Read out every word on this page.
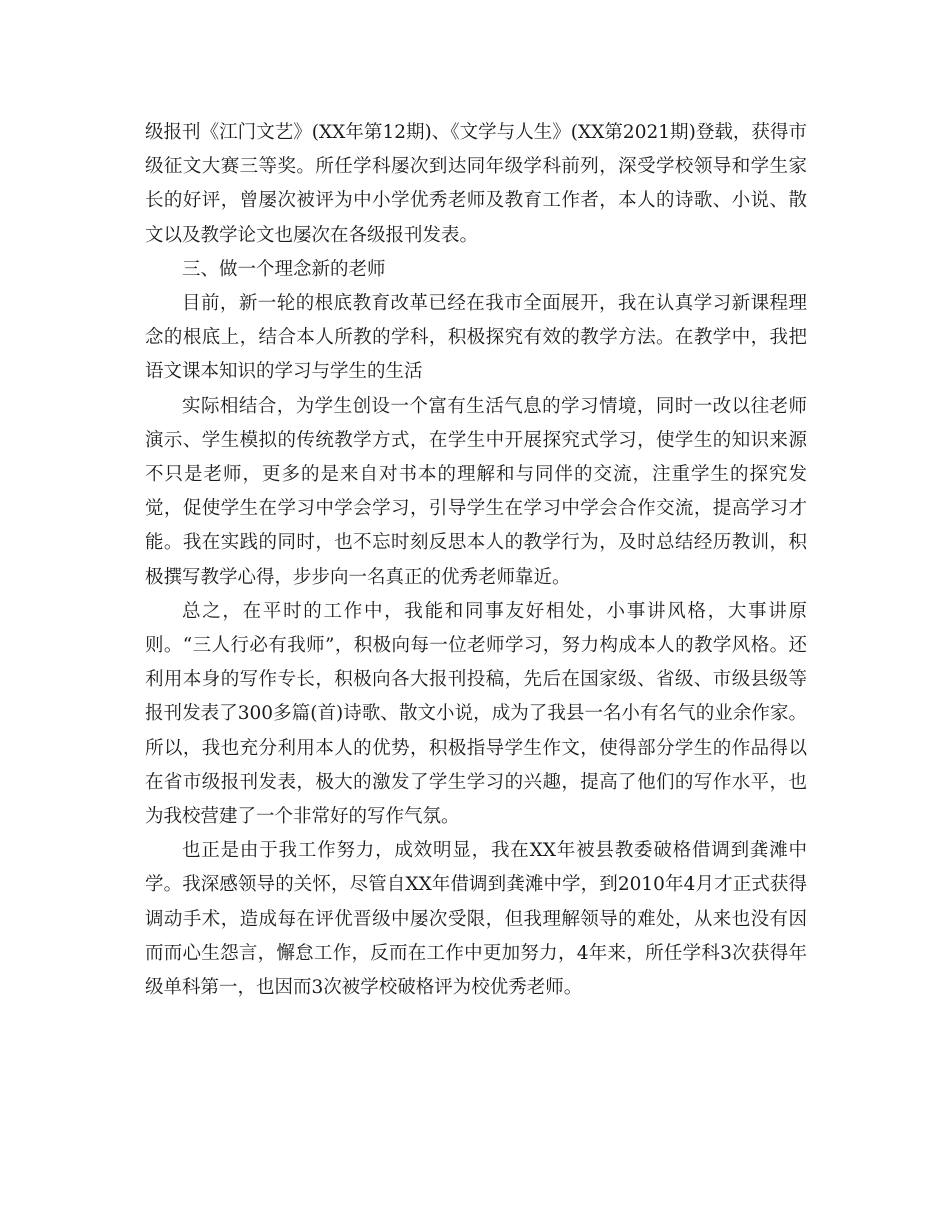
级报刊《江门文艺》(XX年第12期)、《文学与人生》(XX第2021期)登载，获得市级征文大赛三等奖。所任学科屡次到达同年级学科前列，深受学校领导和学生家长的好评，曾屡次被评为中小学优秀老师及教育工作者，本人的诗歌、小说、散文以及教学论文也屡次在各级报刊发表。

三、做一个理念新的老师

目前，新一轮的根底教育改革已经在我市全面展开，我在认真学习新课程理念的根底上，结合本人所教的学科，积极探究有效的教学方法。在教学中，我把语文课本知识的学习与学生的生活

实际相结合，为学生创设一个富有生活气息的学习情境，同时一改以往老师演示、学生模拟的传统教学方式，在学生中开展探究式学习，使学生的知识来源不只是老师，更多的是来自对书本的理解和与同伴的交流，注重学生的探究发觉，促使学生在学习中学会学习，引导学生在学习中学会合作交流，提高学习才能。我在实践的同时，也不忘时刻反思本人的教学行为，及时总结经历教训，积极撰写教学心得，步步向一名真正的优秀老师靠近。

总之，在平时的工作中，我能和同事友好相处，小事讲风格，大事讲原则。“三人行必有我师”，积极向每一位老师学习，努力构成本人的教学风格。还利用本身的写作专长，积极向各大报刊投稿，先后在国家级、省级、市级县级等报刊发表了300多篇(首)诗歌、散文小说，成为了我县一名小有名气的业余作家。所以，我也充分利用本人的优势，积极指导学生作文，使得部分学生的作品得以在省市级报刊发表，极大的激发了学生学习的兴趣，提高了他们的写作水平，也为我校营建了一个非常好的写作气氛。

也正是由于我工作努力，成效明显，我在XX年被县教委破格借调到龚滩中学。我深感领导的关怀，尽管自XX年借调到龚滩中学，到2010年4月才正式获得调动手术，造成每在评优晋级中屡次受限，但我理解领导的难处，从来也没有因而而心生怨言，懈怠工作，反而在工作中更加努力，4年来，所任学科3次获得年级单科第一，也因而3次被学校破格评为校优秀老师。
